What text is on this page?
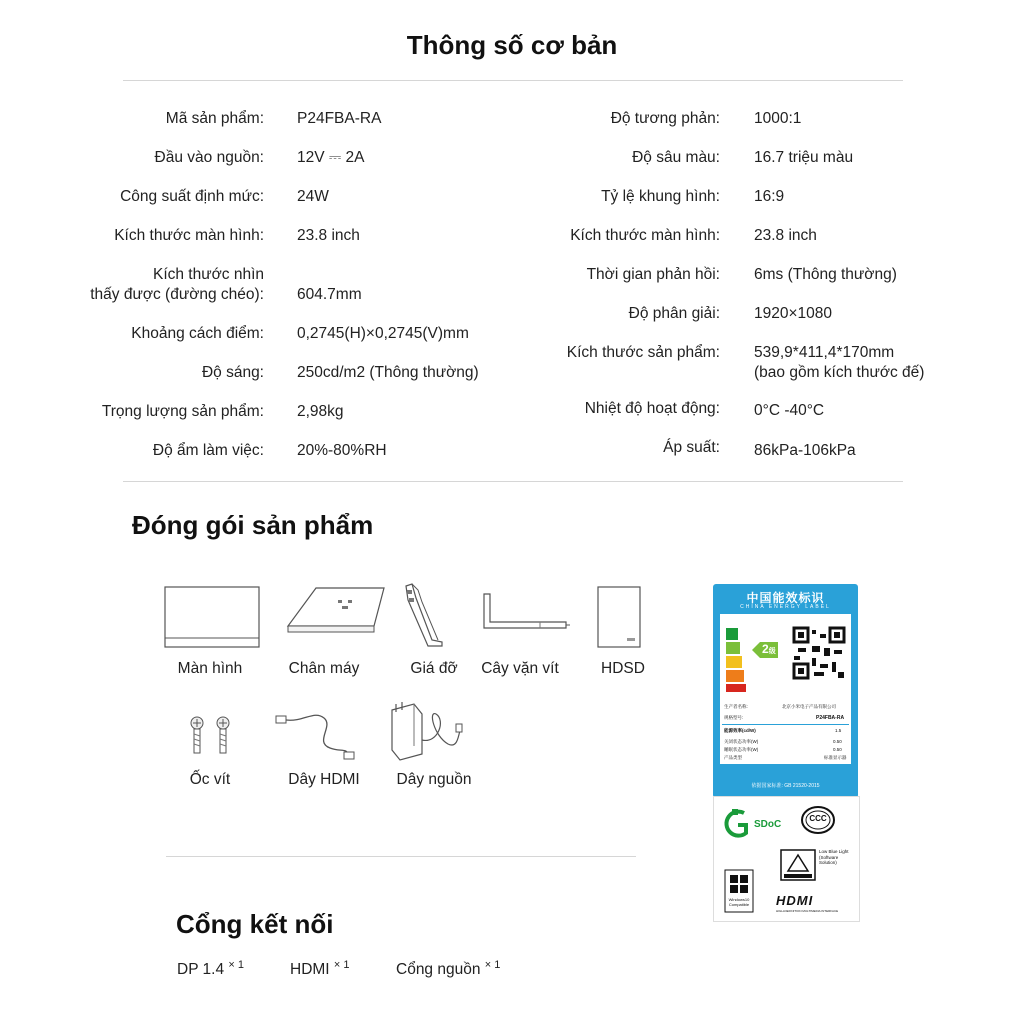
Thông số cơ bản
Mã sản phẩm: P24FBA-RA
Đầu vào nguồn: 12V ⎓ 2A
Công suất định mức: 24W
Kích thước màn hình: 23.8 inch
Kích thước nhìn
thấy được (đường chéo): 604.7mm
Khoảng cách điểm: 0,2745(H)×0,2745(V)mm
Độ sáng: 250cd/m2 (Thông thường)
Trọng lượng sản phẩm: 2,98kg
Độ ẩm làm việc: 20%-80%RH
Độ tương phản: 1000:1
Độ sâu màu: 16.7 triệu màu
Tỷ lệ khung hình: 16:9
Kích thước màn hình: 23.8 inch
Thời gian phản hồi: 6ms (Thông thường)
Độ phân giải: 1920×1080
Kích thước sản phẩm: 539,9*411,4*170mm
(bao gồm kích thước đế)
Nhiệt độ hoạt động: 0°C -40°C
Áp suất: 86kPa-106kPa
Đóng gói sản phẩm
Màn hình	Chân máy	Giá đỡ	Cây vặn vít	HDSD
Ốc vít	Dây HDMI	Dây nguồn
中国能效标识
CHINA ENERGY LABEL
2级
生产者名称:	北京小米电子产品有限公司
规格型号:	P24FBA-RA
能源效率(cd/W)	1.5
关闭状态功率(W)	0.50
睡眠状态功率(W)	0.50
产品类型	标准显示器
依据国家标准: GB 21520-2015
SDoC
CCC
Low Blue Light
(Software
Solution)
Windows10
Compatible	HDMI
HIGH-DEFINITION MULTIMEDIA INTERFACE
Cổng kết nối
DP 1.4 $^{\times 1}$	HDMI $^{\times 1}$	Cổng nguồn $^{\times 1}$
